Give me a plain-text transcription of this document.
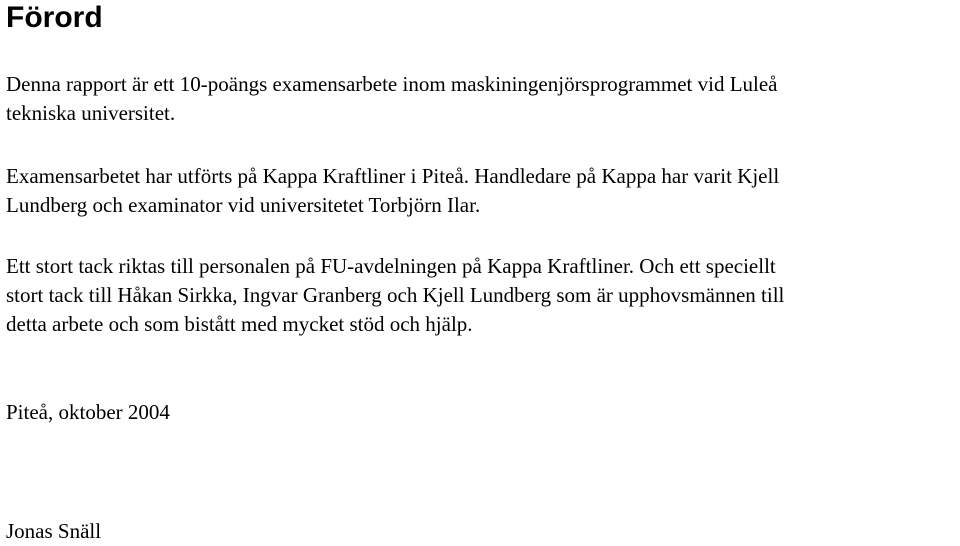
Förord

Denna rapport är ett 10-poängs examensarbete inom maskiningenjörsprogrammet vid Luleå
tekniska universitet.

Examensarbetet har utförts på Kappa Kraftliner i Piteå. Handledare på Kappa har varit Kjell
Lundberg och examinator vid universitetet Torbjörn Ilar.

Ett stort tack riktas till personalen på FU-avdelningen på Kappa Kraftliner. Och ett speciellt
stort tack till Håkan Sirkka, Ingvar Granberg och Kjell Lundberg som är upphovsmännen till
detta arbete och som bistått med mycket stöd och hjälp.

Piteå, oktober 2004

Jonas Snäll
